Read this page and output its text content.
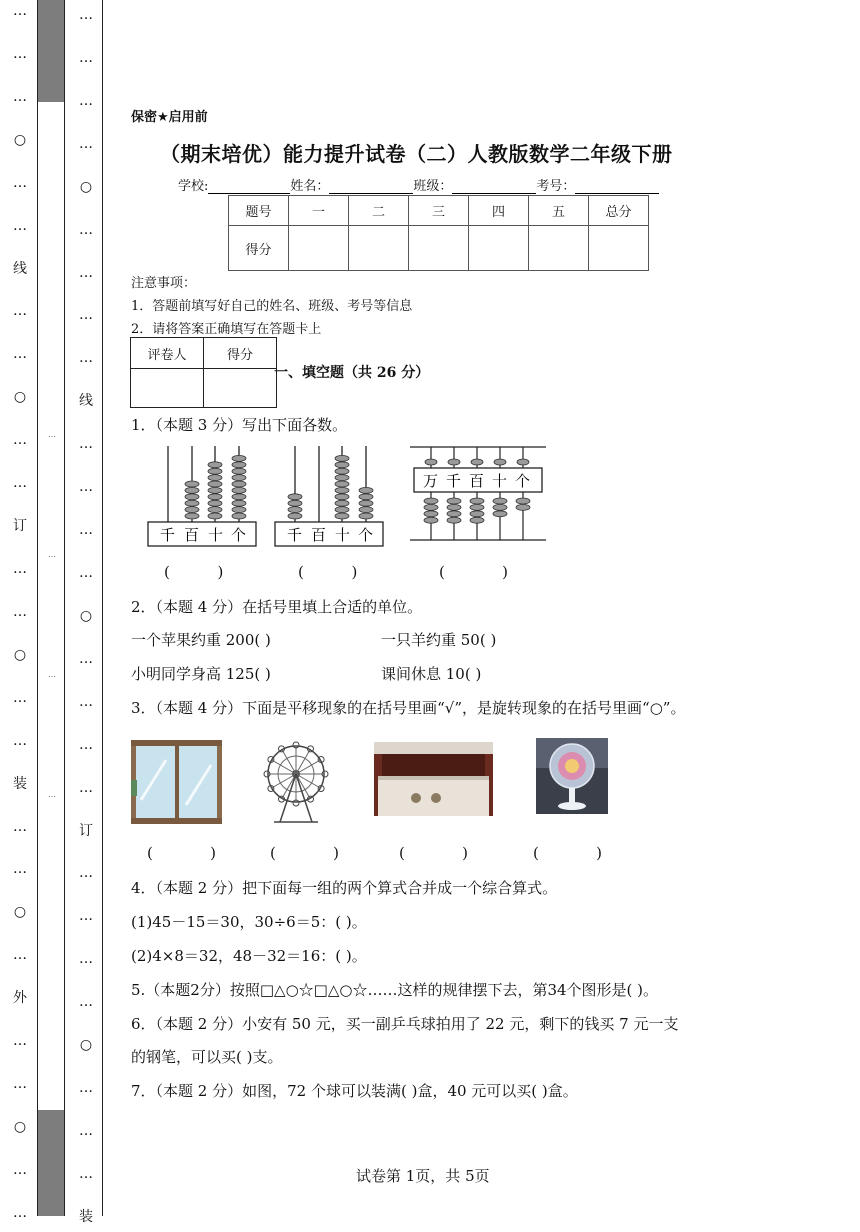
…
…
…
○
…
…
线
…
…
○
…
…
订
…
…
○
…
…
装
…
…
○
…
外
…
…
○
…
…
…
…
…
…
…
…
…
…
○
…
…
…
…
线
…
…
…
…
○
…
…
…
…
订
…
…
…
…
○
…
…
…
装
保密★启用前
（期末培优）能力提升试卷（二）人教版数学二年级下册
学校:	姓名：	班级：	考号：
题号	一	二	三	四	五	总分
得分						
注意事项：
1．答题前填写好自己的姓名、班级、考号等信息
2．请将答案正确填写在答题卡上
评卷人	得分

一、填空题（共 26 分）
1．（本题 3 分）写出下面各数。
千 百 十 个	千 百 十 个
万 千 百 十 个
(          )	(          )	(            )
2．（本题 4 分）在括号里填上合适的单位。
一个苹果约重 200( )	一只羊约重 50( )
小明同学身高 125( )	课间休息 10( )
3．（本题 4 分）下面是平移现象的在括号里画“√”，是旋转现象的在括号里画“○”。
(            )	(            )	(            )	(            )
4．（本题 2 分）把下面每一组的两个算式合并成一个综合算式。
(1)45－15＝30，30÷6＝5：( )。
(2)4×8＝32，48－32＝16：( )。
5.（本题2分）按照□△○☆□△○☆……这样的规律摆下去，第34个图形是( )。
6．（本题 2 分）小安有 50 元，买一副乒乓球拍用了 22 元，剩下的钱买 7 元一支
的钢笔，可以买( )支。
7．（本题 2 分）如图，72 个球可以装满( )盒，40 元可以买( )盒。
试卷第 1页，共 5页
